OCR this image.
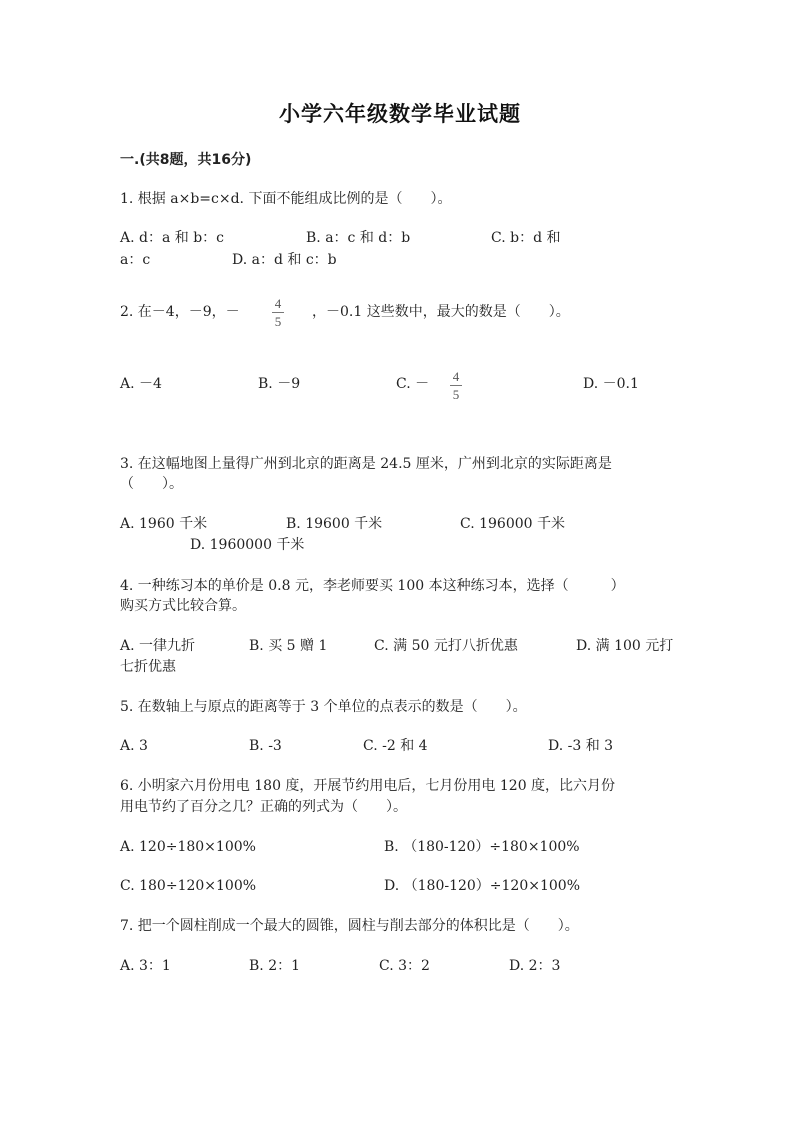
小学六年级数学毕业试题
一.(共8题，共16分)
1. 根据 a×b=c×d. 下面不能组成比例的是（　　）。
A. d：a 和 b：c	B. a：c 和 d：b	C. b：d 和
a：c	D. a：d 和 c：b
2. 在－4，－9，－
4
5
，－0.1 这些数中，最大的数是（　　）。
A. －4	B. －9	C. － 4
5
D. －0.1
3. 在这幅地图上量得广州到北京的距离是 24.5 厘米，广州到北京的实际距离是
（　　）。
A. 1960 千米	B. 19600 千米	C. 196000 千米
D. 1960000 千米
4. 一种练习本的单价是 0.8 元，李老师要买 100 本这种练习本，选择（　　　）
购买方式比较合算。
A. 一律九折	B. 买 5 赠 1	C. 满 50 元打八折优惠	D. 满 100 元打
七折优惠
5. 在数轴上与原点的距离等于 3 个单位的点表示的数是（　　）。
A. 3	B. -3	C. -2 和 4	D. -3 和 3
6. 小明家六月份用电 180 度，开展节约用电后，七月份用电 120 度，比六月份
用电节约了百分之几？正确的列式为（　　）。
A. 120÷180×100%	B. （180-120）÷180×100%
C. 180÷120×100%	D. （180-120）÷120×100%
7. 把一个圆柱削成一个最大的圆锥，圆柱与削去部分的体积比是（　　）。
A. 3：1	B. 2：1	C. 3：2	D. 2：3
